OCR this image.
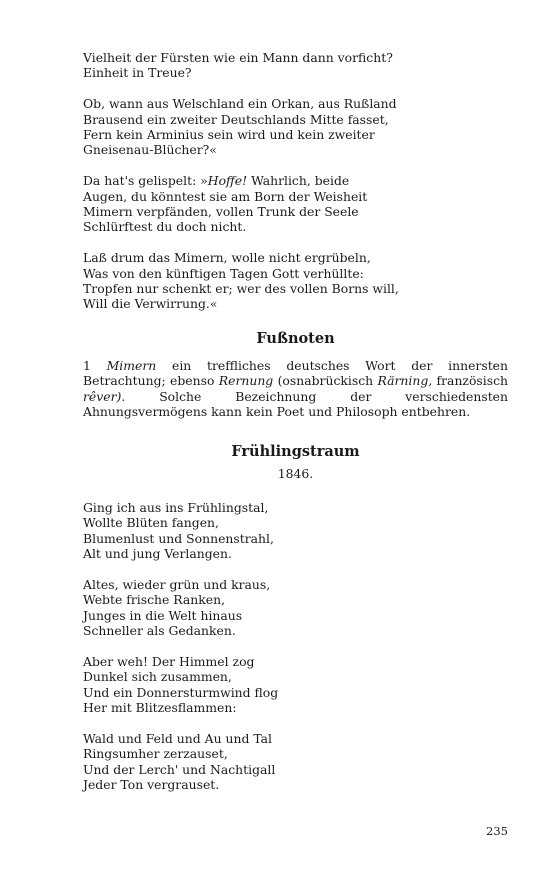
Vielheit der Fürsten wie ein Mann dann vorficht?
Einheit in Treue?
Ob, wann aus Welschland ein Orkan, aus Rußland
Brausend ein zweiter Deutschlands Mitte fasset,
Fern kein Arminius sein wird und kein zweiter
Gneisenau-Blücher?«
Da hat's gelispelt: »Hoffe! Wahrlich, beide
Augen, du könntest sie am Born der Weisheit
Mimern verpfänden, vollen Trunk der Seele
Schlürftest du doch nicht.
Laß drum das Mimern, wolle nicht ergrübeln,
Was von den künftigen Tagen Gott verhüllte:
Tropfen nur schenkt er; wer des vollen Borns will,
Will die Verwirrung.«
Fußnoten

1 Mimern ein treffliches deutsches Wort der innersten Betrachtung; ebenso Rernung (osnabrückisch Rärning, französisch rêver). Solche Bezeichnung der verschiedensten Ahnungsvermögens kann kein Poet und Philosoph entbehren.

Frühlingstraum
1846.
Ging ich aus ins Frühlingstal,
Wollte Blüten fangen,
Blumenlust und Sonnenstrahl,
Alt und jung Verlangen.
Altes, wieder grün und kraus,
Webte frische Ranken,
Junges in die Welt hinaus
Schneller als Gedanken.
Aber weh! Der Himmel zog
Dunkel sich zusammen,
Und ein Donnersturmwind flog
Her mit Blitzesflammen:
Wald und Feld und Au und Tal
Ringsumher zerzauset,
Und der Lerch' und Nachtigall
Jeder Ton vergrauset.
235
